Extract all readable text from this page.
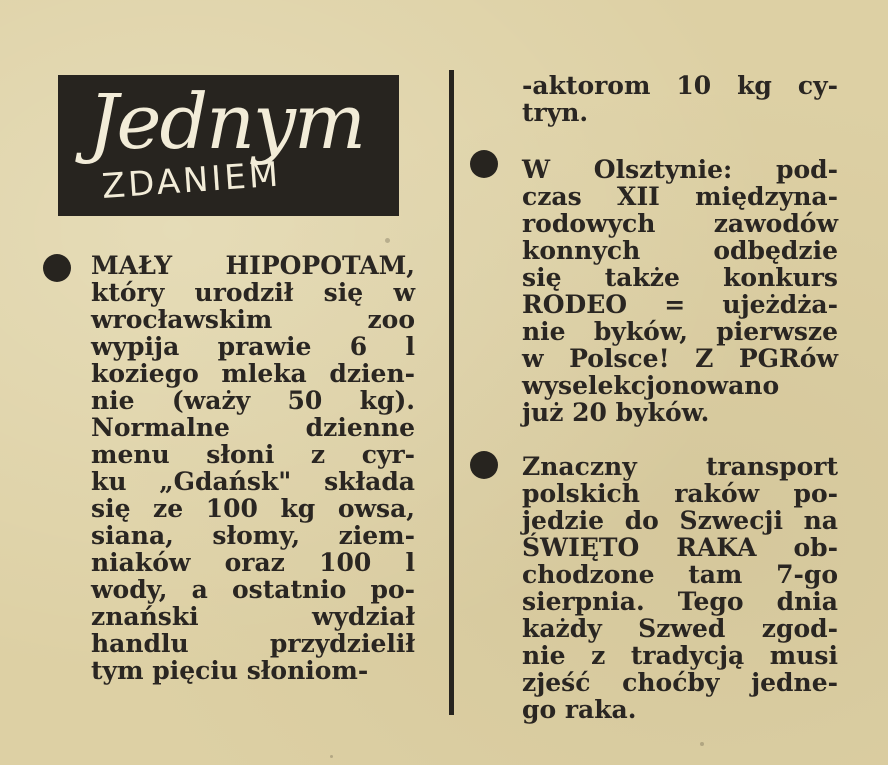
Jednym
ZDANIEM
MAŁY HIPOPOTAM,
który urodził się w
wrocławskim zoo
wypija prawie 6 l
koziego mleka dzien-
nie (waży 50 kg).
Normalne dzienne
menu słoni z cyr-
ku „Gdańsk" składa
się ze 100 kg owsa,
siana, słomy, ziem-
niaków oraz 100 l
wody, a ostatnio po-
znański wydział
handlu przydzielił
tym pięciu słoniom-
-aktorom 10 kg cy-
tryn.
W Olsztynie: pod-
czas XII międzyna-
rodowych zawodów
konnych odbędzie
się także konkurs
RODEO = ujeżdża-
nie byków, pierwsze
w Polsce! Z PGRów
wyselekcjonowano
już 20 byków.
Znaczny transport
polskich raków po-
jedzie do Szwecji na
ŚWIĘTO RAKA ob-
chodzone tam 7-go
sierpnia. Tego dnia
każdy Szwed zgod-
nie z tradycją musi
zjeść choćby jedne-
go raka.
